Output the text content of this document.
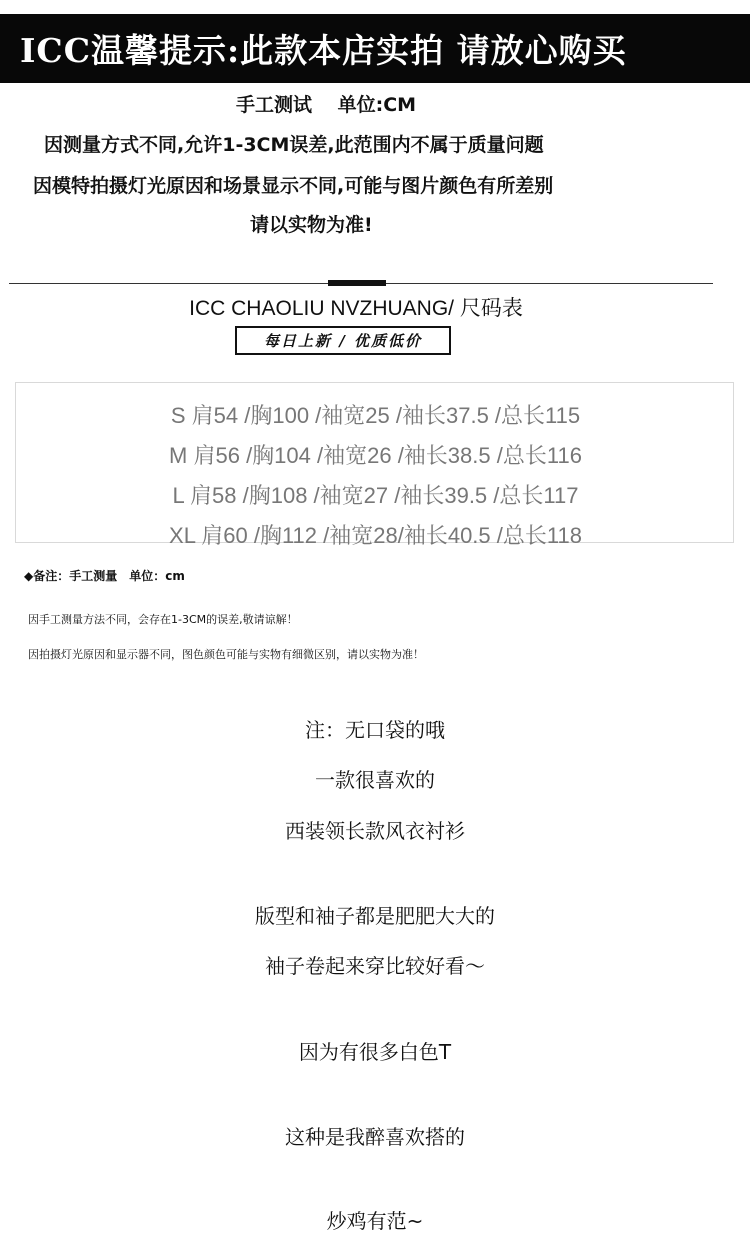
ICC温馨提示:此款本店实拍 请放心购买
手工测试　 单位:CM
因测量方式不同,允许1-3CM误差,此范围内不属于质量问题
因模特拍摄灯光原因和场景显示不同,可能与图片颜色有所差别
请以实物为准!
ICC CHAOLIU NVZHUANG/ 尺码表
每日上新 / 优质低价
S 肩54 /胸100 /袖宽25 /袖长37.5 /总长115
M 肩56 /胸104 /袖宽26 /袖长38.5 /总长116
L 肩58 /胸108 /袖宽27 /袖长39.5 /总长117
XL 肩60 /胸112 /袖宽28/袖长40.5 /总长118
◆备注：手工测量　单位：cm
因手工测量方法不同，会存在1-3CM的误差,敬请谅解！
因拍摄灯光原因和显示器不同，图色颜色可能与实物有细微区别，请以实物为准！
注：无口袋的哦
一款很喜欢的
西装领长款风衣衬衫
版型和袖子都是肥肥大大的
袖子卷起来穿比较好看～
因为有很多白色T
这种是我醉喜欢搭的
炒鸡有范~
